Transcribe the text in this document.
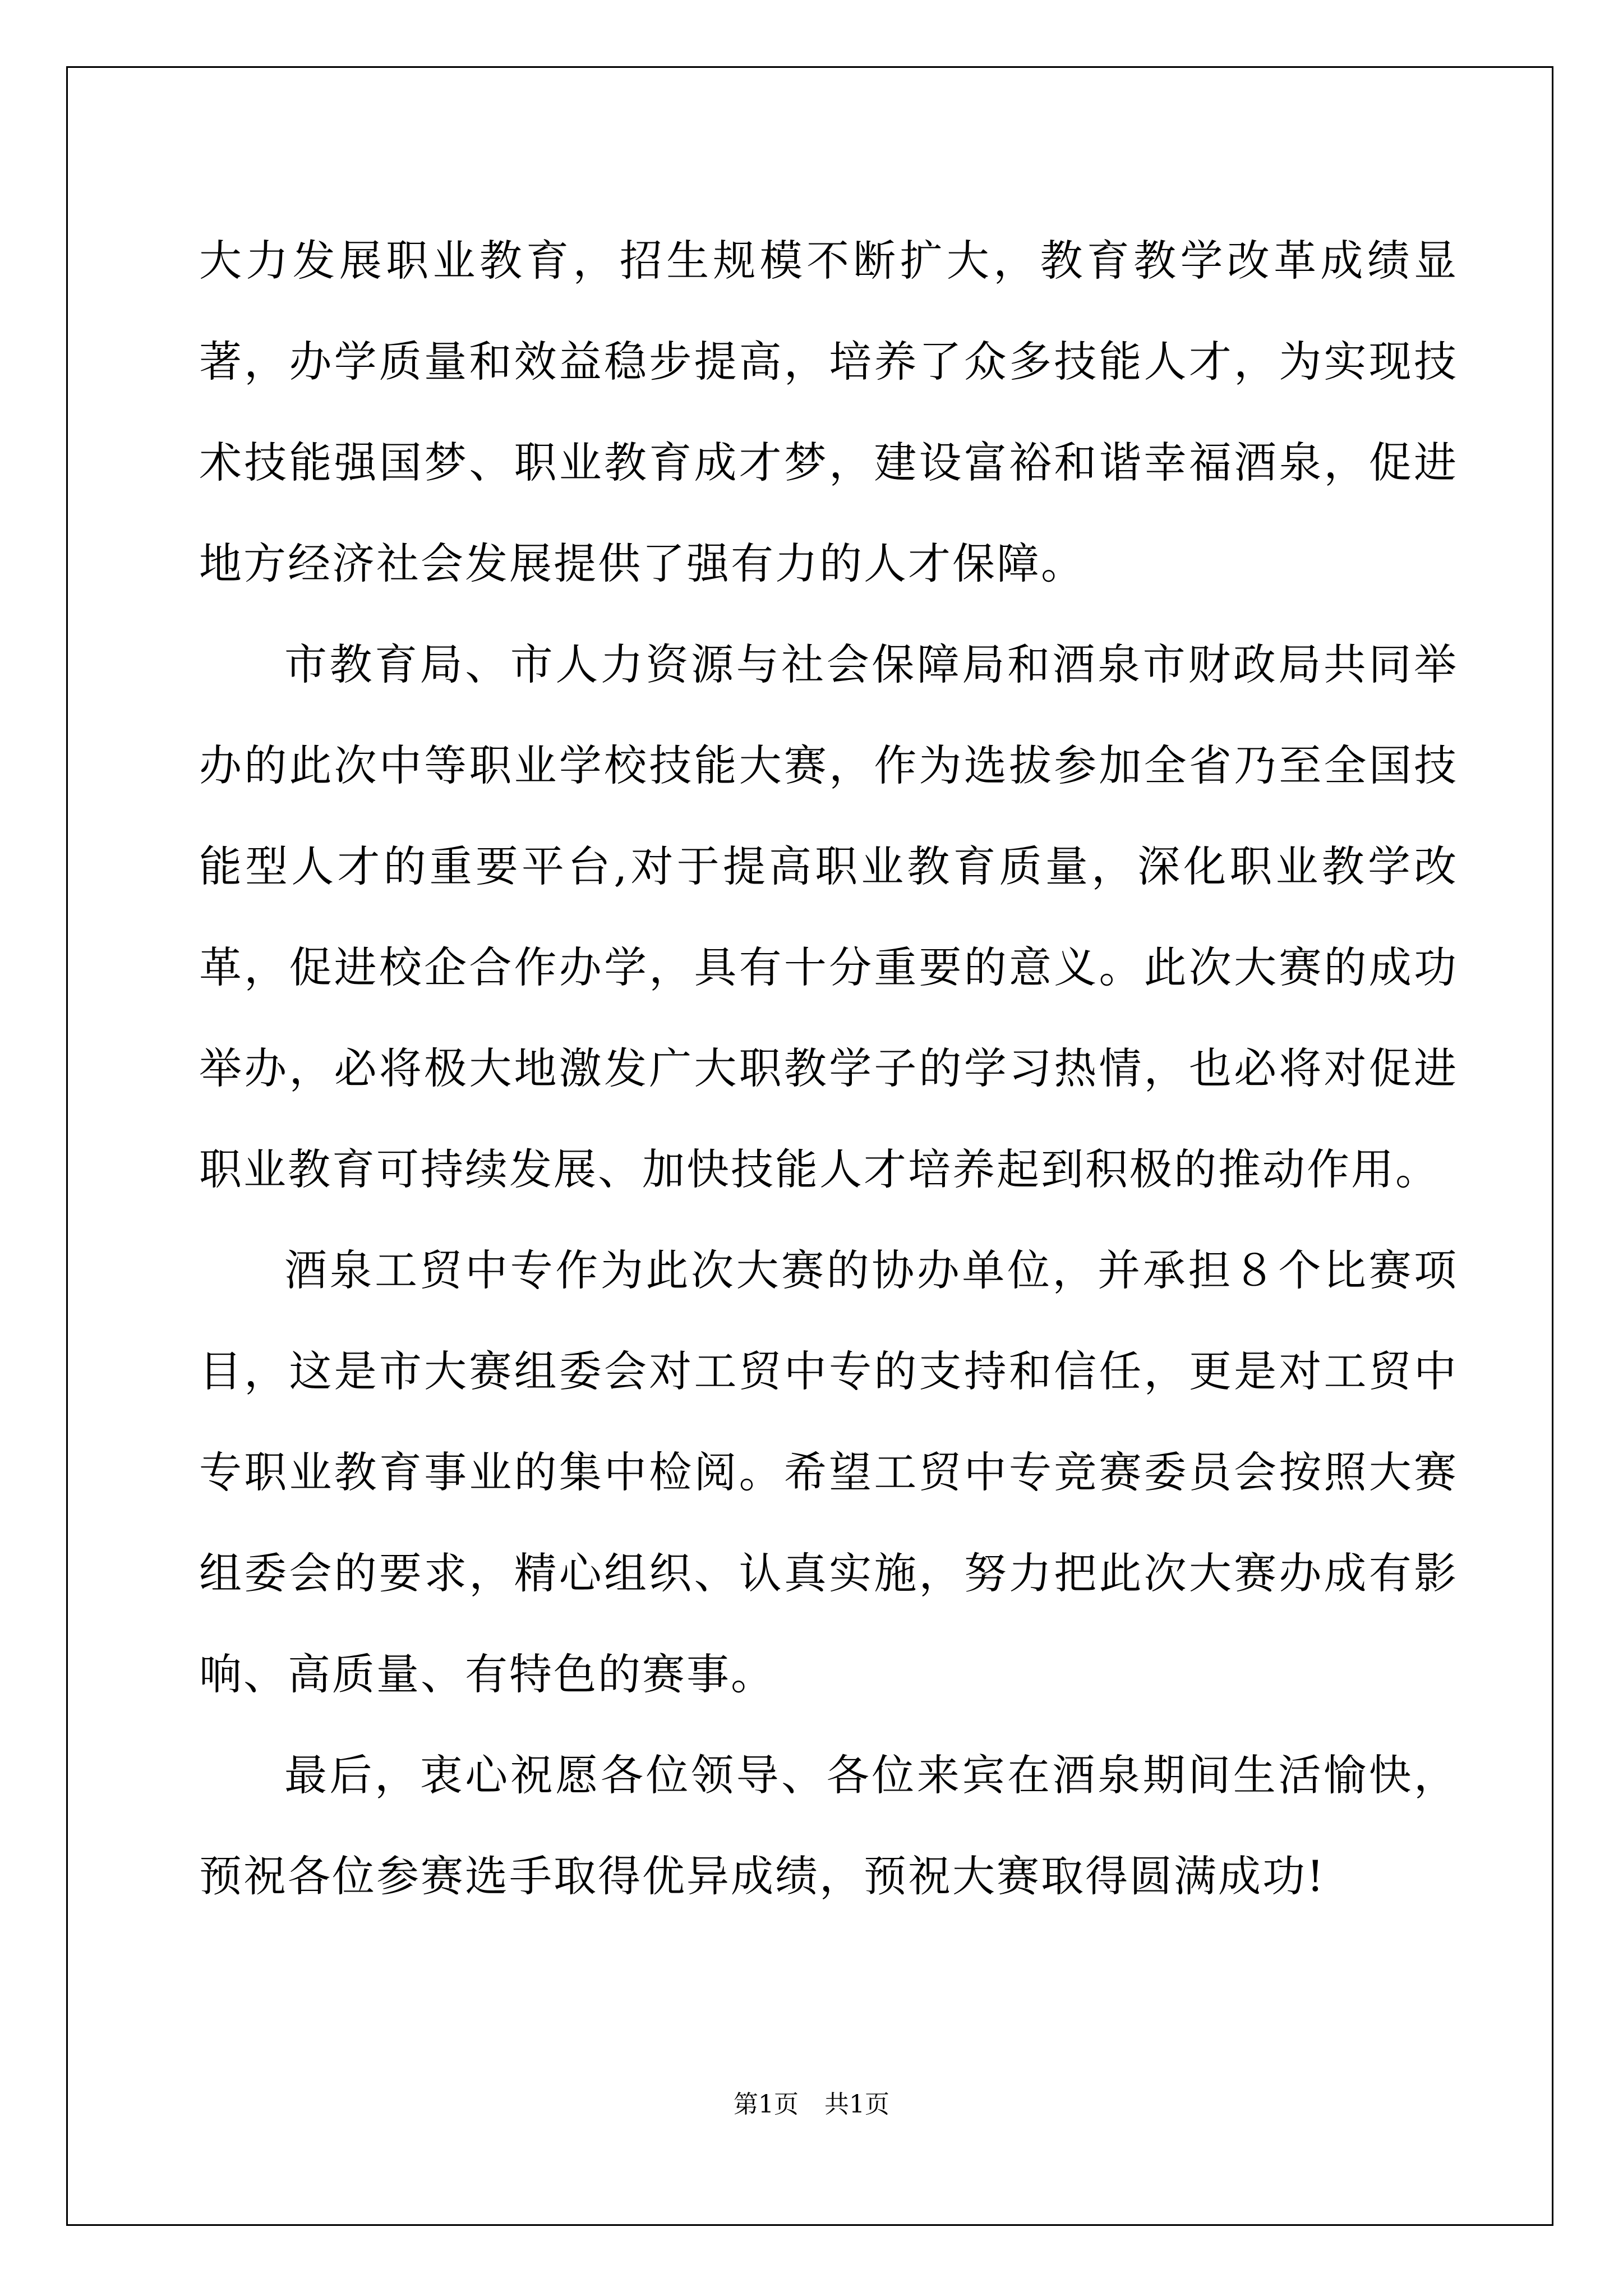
大力发展职业教育，招生规模不断扩大，教育教学改革成绩显著，办学质量和效益稳步提高，培养了众多技能人才，为实现技术技能强国梦、职业教育成才梦，建设富裕和谐幸福酒泉，促进地方经济社会发展提供了强有力的人才保障。

市教育局、市人力资源与社会保障局和酒泉市财政局共同举办的此次中等职业学校技能大赛，作为选拔参加全省乃至全国技能型人才的重要平台,对于提高职业教育质量，深化职业教学改革，促进校企合作办学，具有十分重要的意义。此次大赛的成功举办，必将极大地激发广大职教学子的学习热情，也必将对促进职业教育可持续发展、加快技能人才培养起到积极的推动作用。

酒泉工贸中专作为此次大赛的协办单位，并承担８个比赛项目，这是市大赛组委会对工贸中专的支持和信任，更是对工贸中专职业教育事业的集中检阅。希望工贸中专竞赛委员会按照大赛组委会的要求，精心组织、认真实施，努力把此次大赛办成有影响、高质量、有特色的赛事。

最后，衷心祝愿各位领导、各位来宾在酒泉期间生活愉快，预祝各位参赛选手取得优异成绩，预祝大赛取得圆满成功!

第1页 共1页
